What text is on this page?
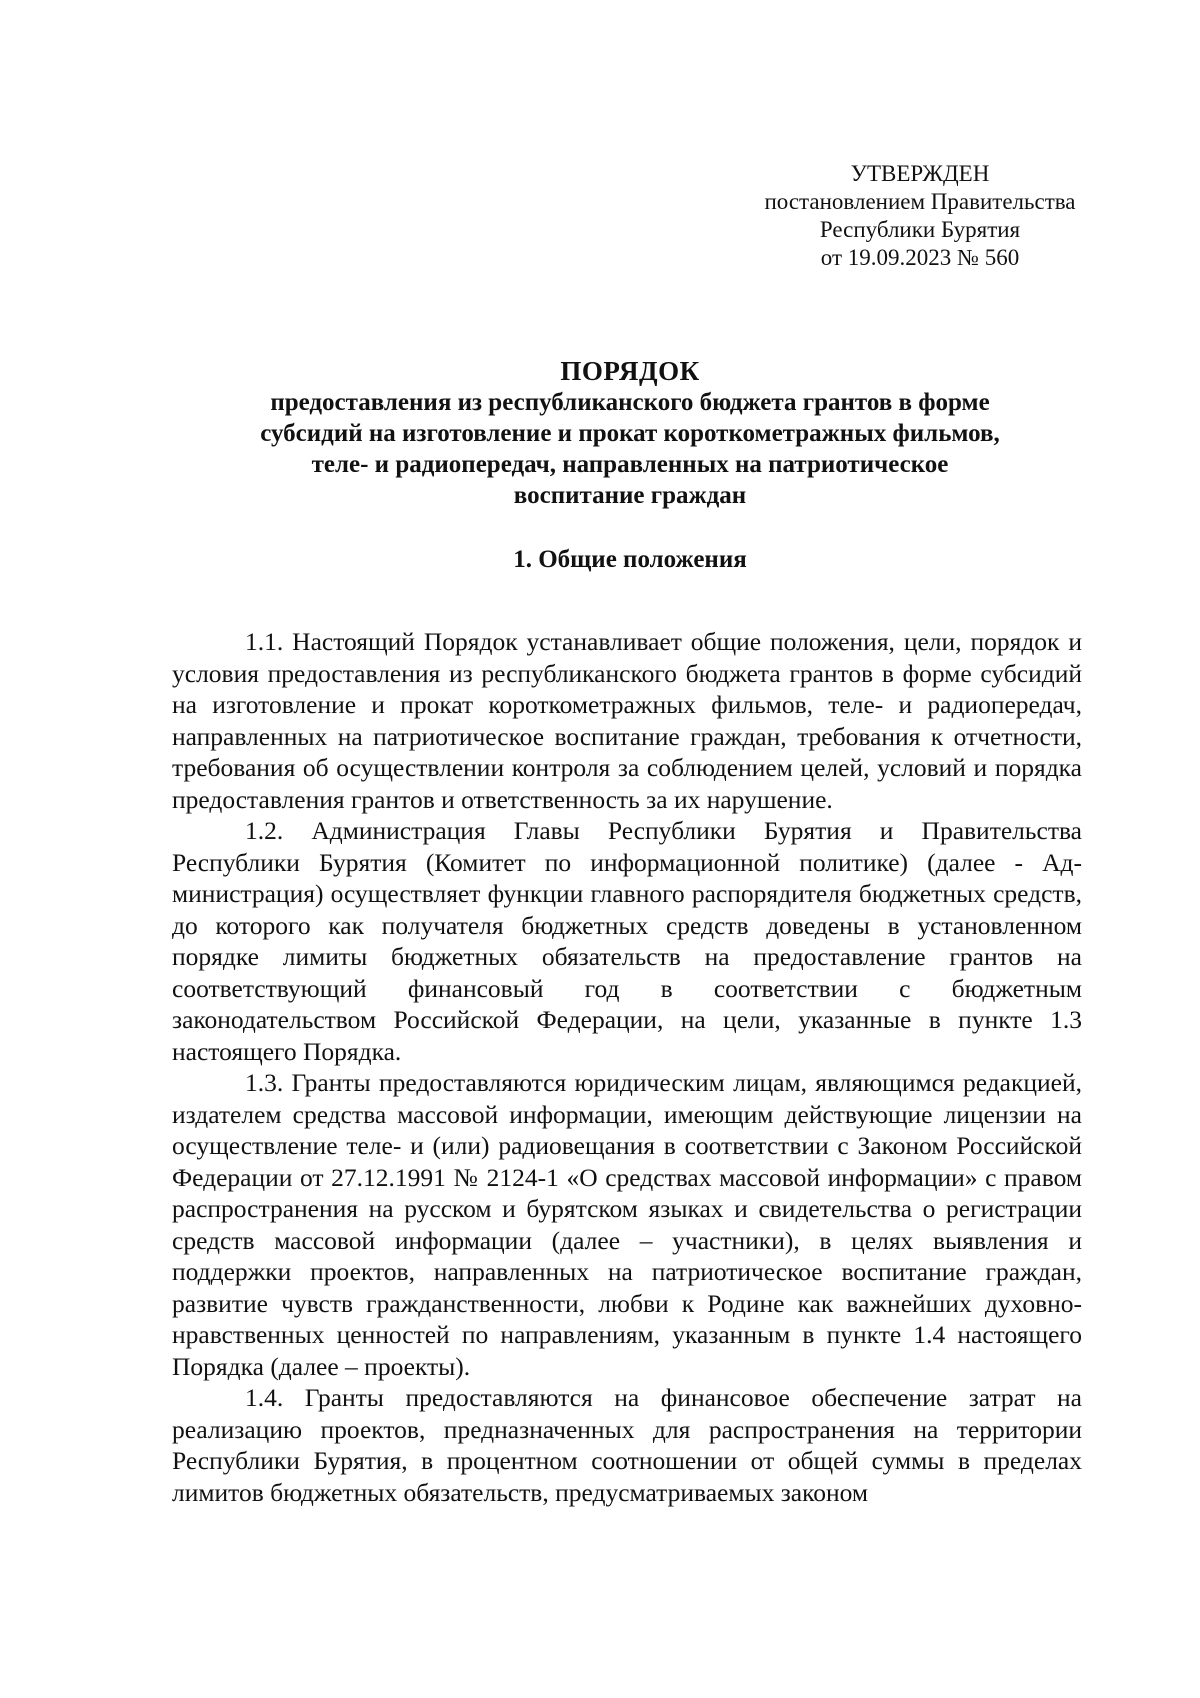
УТВЕРЖДЕН
постановлением Правительства
Республики Бурятия
от 19.09.2023 № 560
ПОРЯДОК
предоставления из республиканского бюджета грантов в форме
субсидий на изготовление и прокат короткометражных фильмов,
теле- и радиопередач, направленных на патриотическое
воспитание граждан
1. Общие положения

1.1. Настоящий Порядок устанавливает общие положения, цели, порядок и условия предоставления из республиканского бюджета грантов в форме субсидий на изготовление и прокат короткометражных фильмов, теле- и радиопередач, направленных на патриотическое воспитание граждан, требования к отчетности, требования об осуществлении контроля за соблюдением целей, условий и порядка предоставления грантов и ответственность за их нарушение.

1.2. Администрация Главы Республики Бурятия и Правительства Республики Бурятия (Комитет по информационной политике) (далее - Администрация) осуществляет функции главного распорядителя бюджетных средств, до которого как получателя бюджетных средств доведены в установленном порядке лимиты бюджетных обязательств на предоставление грантов на соответствующий финансовый год в соответствии с бюджетным законодательством Российской Федерации, на цели, указанные в пункте 1.3 настоящего Порядка.

1.3. Гранты предоставляются юридическим лицам, являющимся редакцией, издателем средства массовой информации, имеющим действующие лицензии на осуществление теле- и (или) радиовещания в соответствии с Законом Российской Федерации от 27.12.1991 № 2124-1 «О средствах массовой информации» с правом распространения на русском и бурятском языках и свидетельства о регистрации средств массовой информации (далее – участники), в целях выявления и поддержки проектов, направленных на патриотическое воспитание граждан, развитие чувств гражданственности, любви к Родине как важнейших духовно-нравственных ценностей по направлениям, указанным в пункте 1.4 настоящего Порядка (далее – проекты).

1.4. Гранты предоставляются на финансовое обеспечение затрат на реализацию проектов, предназначенных для распространения на территории Республики Бурятия, в процентном соотношении от общей суммы в пределах лимитов бюджетных обязательств, предусматриваемых законом
